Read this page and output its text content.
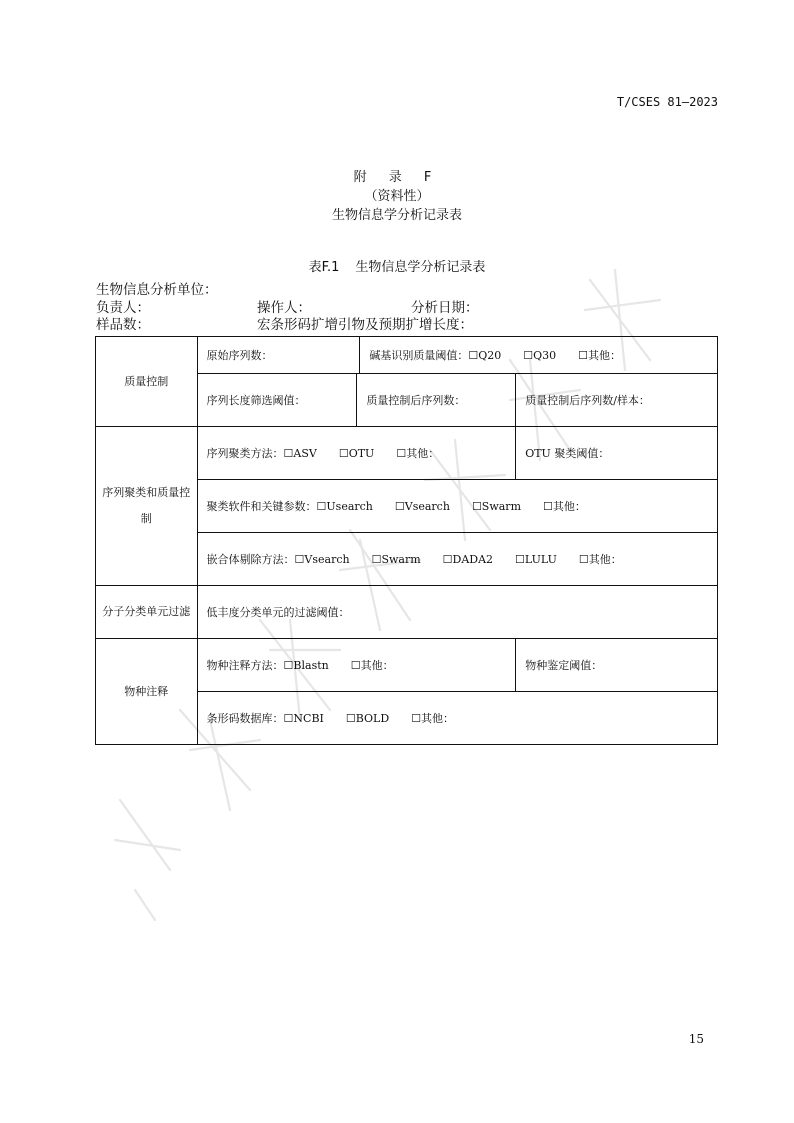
T/CSES 81—2023
附 录 F
（资料性）
生物信息学分析记录表
表F.1 生物信息学分析记录表
生物信息分析单位：
负责人：	操作人：	分析日期：
样品数：	宏条形码扩增引物及预期扩增长度：
质量控制	原始序列数：		碱基识别质量阈值：☐Q20 ☐Q30 ☐其他：	
	序列长度筛选阈值：	质量控制后序列数：		质量控制后序列数/样本：
序列聚类和质量控制	序列聚类方法：☐ASV ☐OTU ☐其他：			OTU 聚类阈值：
	聚类软件和关键参数：☐Usearch ☐Vsearch ☐Swarm ☐其他：			
	嵌合体剔除方法：☐Vsearch ☐Swarm ☐DADA2 ☐LULU ☐其他：			
分子分类单元过滤	低丰度分类单元的过滤阈值：			
物种注释	物种注释方法：☐Blastn ☐其他：			物种鉴定阈值：
	条形码数据库：☐NCBI ☐BOLD ☐其他：			
15
